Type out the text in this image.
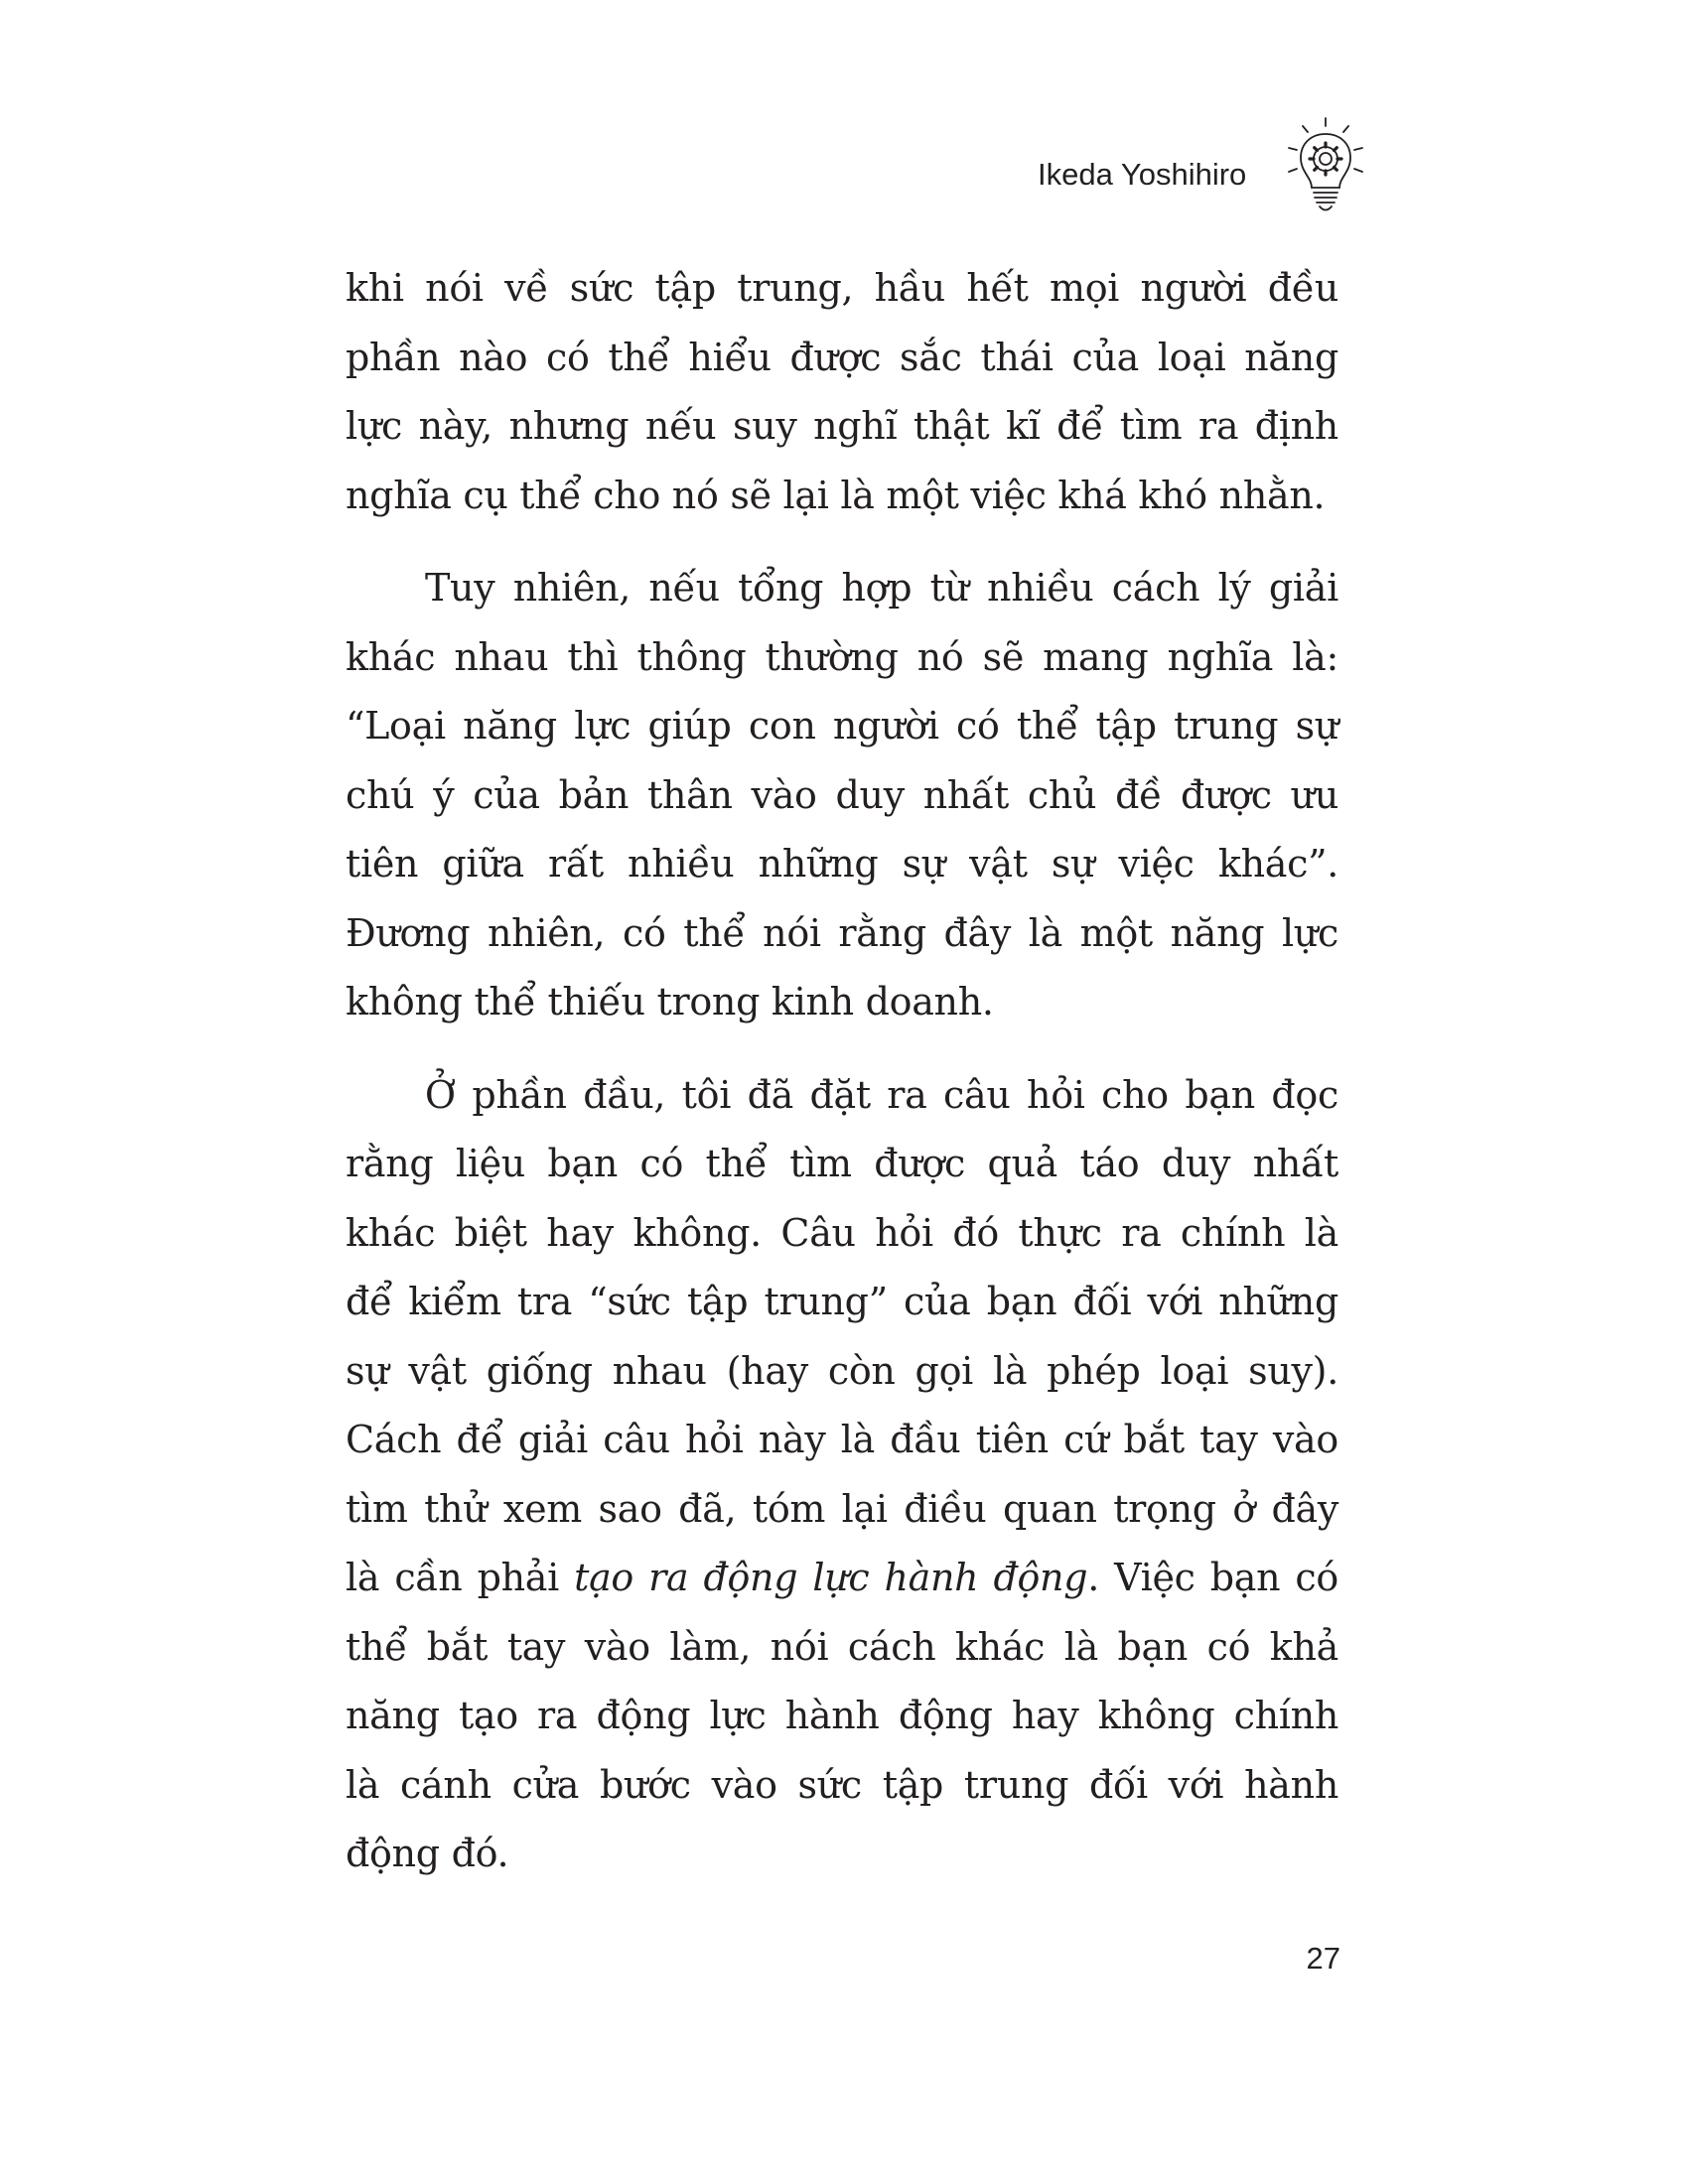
Ikeda Yoshihiro

khi nói về sức tập trung, hầu hết mọi người đều
phần nào có thể hiểu được sắc thái của loại năng
lực này, nhưng nếu suy nghĩ thật kĩ để tìm ra định
nghĩa cụ thể cho nó sẽ lại là một việc khá khó nhằn.

Tuy nhiên, nếu tổng hợp từ nhiều cách lý giải
khác nhau thì thông thường nó sẽ mang nghĩa là:
“Loại năng lực giúp con người có thể tập trung sự
chú ý của bản thân vào duy nhất chủ đề được ưu
tiên giữa rất nhiều những sự vật sự việc khác”.
Đương nhiên, có thể nói rằng đây là một năng lực
không thể thiếu trong kinh doanh.

Ở phần đầu, tôi đã đặt ra câu hỏi cho bạn đọc
rằng liệu bạn có thể tìm được quả táo duy nhất
khác biệt hay không. Câu hỏi đó thực ra chính là
để kiểm tra “sức tập trung” của bạn đối với những
sự vật giống nhau (hay còn gọi là phép loại suy).
Cách để giải câu hỏi này là đầu tiên cứ bắt tay vào
tìm thử xem sao đã, tóm lại điều quan trọng ở đây
là cần phải tạo ra động lực hành động. Việc bạn có
thể bắt tay vào làm, nói cách khác là bạn có khả
năng tạo ra động lực hành động hay không chính
là cánh cửa bước vào sức tập trung đối với hành
động đó.

27
